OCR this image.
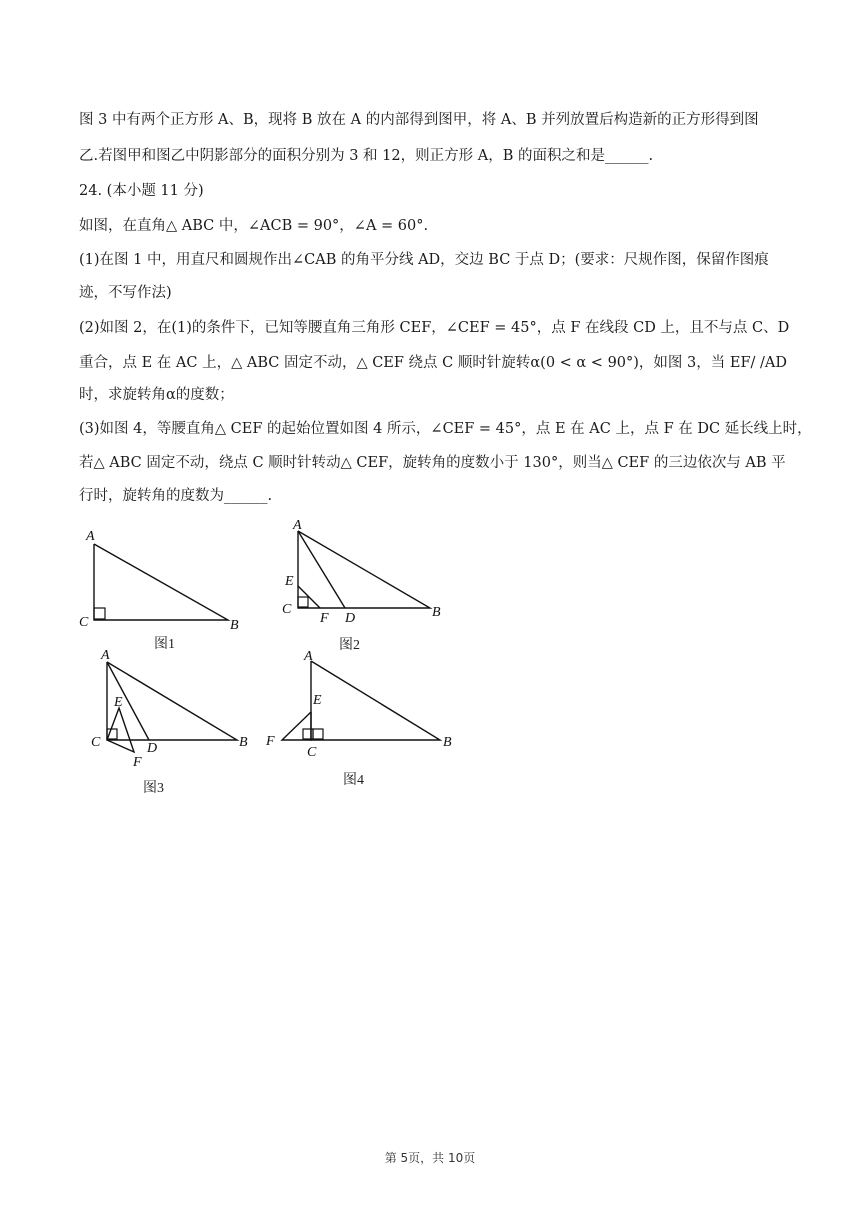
图 3 中有两个正方形 A、B，现将 B 放在 A 的内部得到图甲，将 A、B 并列放置后构造新的正方形得到图
乙.若图甲和图乙中阴影部分的面积分别为 3 和 12，则正方形 A，B 的面积之和是______.
24. (本小题 11 分)
如图，在直角△ ABC 中，∠ACB = 90°，∠A = 60°.
(1)在图 1 中，用直尺和圆规作出∠CAB 的角平分线 AD，交边 BC 于点 D；(要求：尺规作图，保留作图痕
迹，不写作法)
(2)如图 2，在(1)的条件下，已知等腰直角三角形 CEF，∠CEF = 45°，点 F 在线段 CD 上，且不与点 C、D
重合，点 E 在 AC 上，△ ABC 固定不动，△ CEF 绕点 C 顺时针旋转α(0 < α < 90°)，如图 3，当 EF/ /AD
时，求旋转角α的度数；
(3)如图 4，等腰直角△ CEF 的起始位置如图 4 所示，∠CEF = 45°，点 E 在 AC 上，点 F 在 DC 延长线上时，
若△ ABC 固定不动，绕点 C 顺时针转动△ CEF，旋转角的度数小于 130°，则当△ CEF 的三边依次与 AB 平
行时，旋转角的度数为______.
A
C	B
A
E
C
F D	B
A
E
C	D
F
B
A
E
F
C
B
图1	图2
图3
图4
第 5页，共 10页
